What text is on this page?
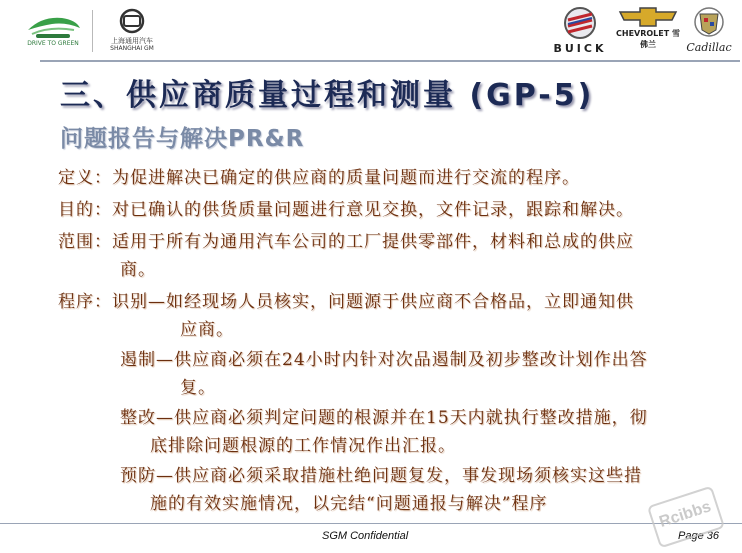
DRIVE TO GREEN	上海通用汽车
SHANGHAI GM	BUICK
CHEVROLET 雪佛兰	Cadillac
三、供应商质量过程和测量 (GP-5)
问题报告与解决PR&R
定义：为促进解决已确定的供应商的质量问题而进行交流的程序。
目的：对已确认的供货质量问题进行意见交换，文件记录，跟踪和解决。
范围：适用于所有为通用汽车公司的工厂提供零部件，材料和总成的供应
商。
程序：识别—如经现场人员核实，问题源于供应商不合格品，立即通知供
应商。
遏制—供应商必须在24小时内针对次品遏制及初步整改计划作出答
复。
整改—供应商必须判定问题的根源并在15天内就执行整改措施，彻
底排除问题根源的工作情况作出汇报。
预防—供应商必须采取措施杜绝问题复发，事发现场须核实这些措
施的有效实施情况，以完结“问题通报与解决”程序
SGM Confidential	Page 36
Rcibbs
